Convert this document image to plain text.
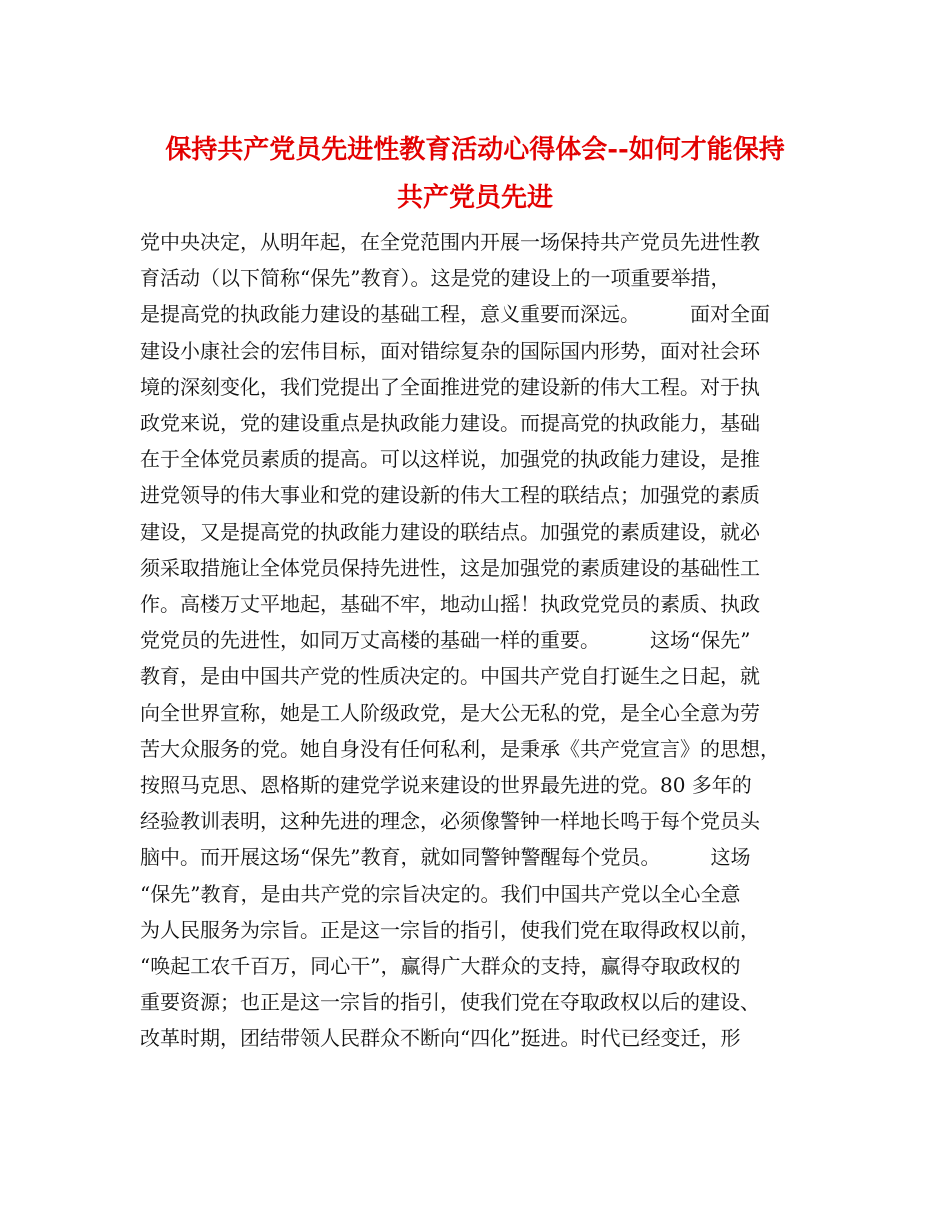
保持共产党员先进性教育活动心得体会--如何才能保持
共产党员先进
党中央决定，从明年起，在全党范围内开展一场保持共产党员先进性教
育活动（以下简称“保先”教育）。这是党的建设上的一项重要举措，
是提高党的执政能力建设的基础工程，意义重要而深远。　　　面对全面
建设小康社会的宏伟目标，面对错综复杂的国际国内形势，面对社会环
境的深刻变化，我们党提出了全面推进党的建设新的伟大工程。对于执
政党来说，党的建设重点是执政能力建设。而提高党的执政能力，基础
在于全体党员素质的提高。可以这样说，加强党的执政能力建设，是推
进党领导的伟大事业和党的建设新的伟大工程的联结点；加强党的素质
建设，又是提高党的执政能力建设的联结点。加强党的素质建设，就必
须采取措施让全体党员保持先进性，这是加强党的素质建设的基础性工
作。高楼万丈平地起，基础不牢，地动山摇！执政党党员的素质、执政
党党员的先进性，如同万丈高楼的基础一样的重要。　　　这场“保先”
教育，是由中国共产党的性质决定的。中国共产党自打诞生之日起，就
向全世界宣称，她是工人阶级政党，是大公无私的党，是全心全意为劳
苦大众服务的党。她自身没有任何私利，是秉承《共产党宣言》的思想，
按照马克思、恩格斯的建党学说来建设的世界最先进的党。80 多年的
经验教训表明，这种先进的理念，必须像警钟一样地长鸣于每个党员头
脑中。而开展这场“保先”教育，就如同警钟警醒每个党员。　　　这场
“保先”教育，是由共产党的宗旨决定的。我们中国共产党以全心全意
为人民服务为宗旨。正是这一宗旨的指引，使我们党在取得政权以前，
“唤起工农千百万，同心干”，赢得广大群众的支持，赢得夺取政权的
重要资源；也正是这一宗旨的指引，使我们党在夺取政权以后的建设、
改革时期，团结带领人民群众不断向“四化”挺进。时代已经变迁，形
